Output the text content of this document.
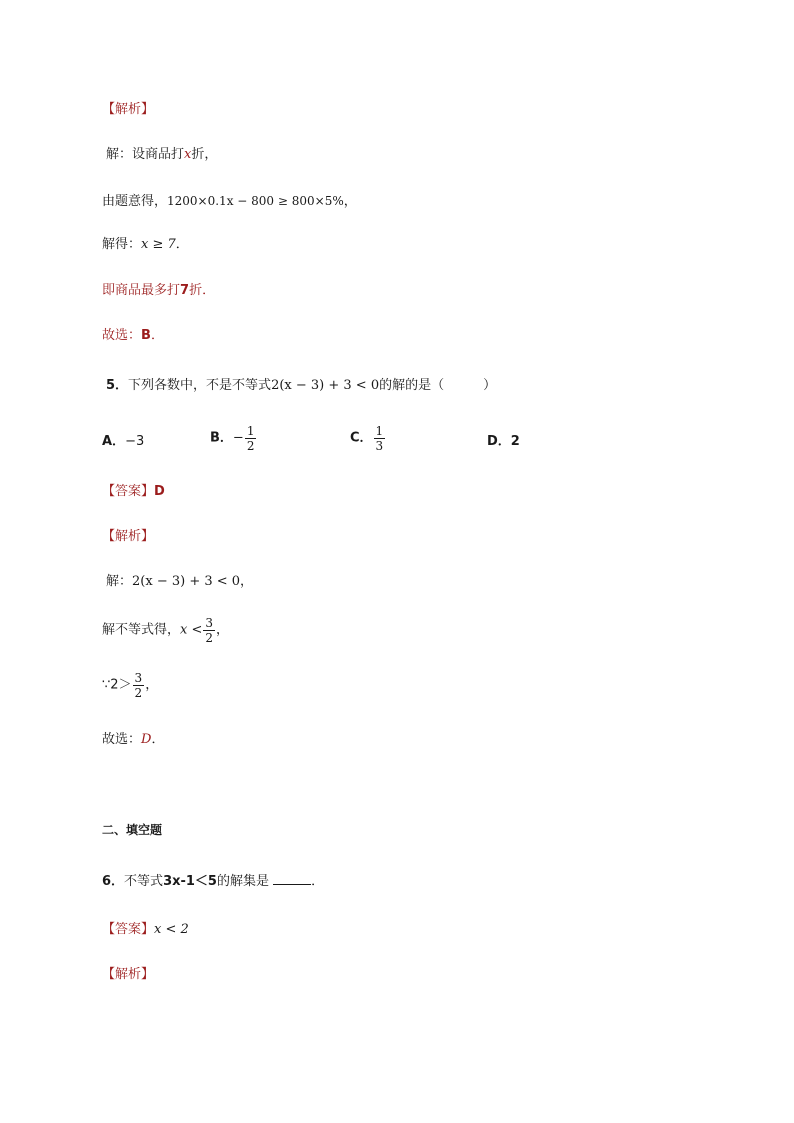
【解析】
解：设商品打x折，
由题意得，1200×0.1x − 800 ≥ 800×5%，
解得：x ≥ 7．
即商品最多打7折．
故选：B．
5．下列各数中，不是不等式2(x − 3) + 3 < 0的解的是（　　　）
A．−3	B．− $\frac{1}{2}$	C． $\frac{1}{3}$	D．2
【答案】D
【解析】
解：2(x − 3) + 3 < 0，
解不等式得，$x < \frac{3}{2}$ ，
∵2＞ $\frac{3}{2}$ ，
故选：D．
二、填空题
6．不等式3x-1＜5的解集是	．
【答案】x < 2
【解析】
